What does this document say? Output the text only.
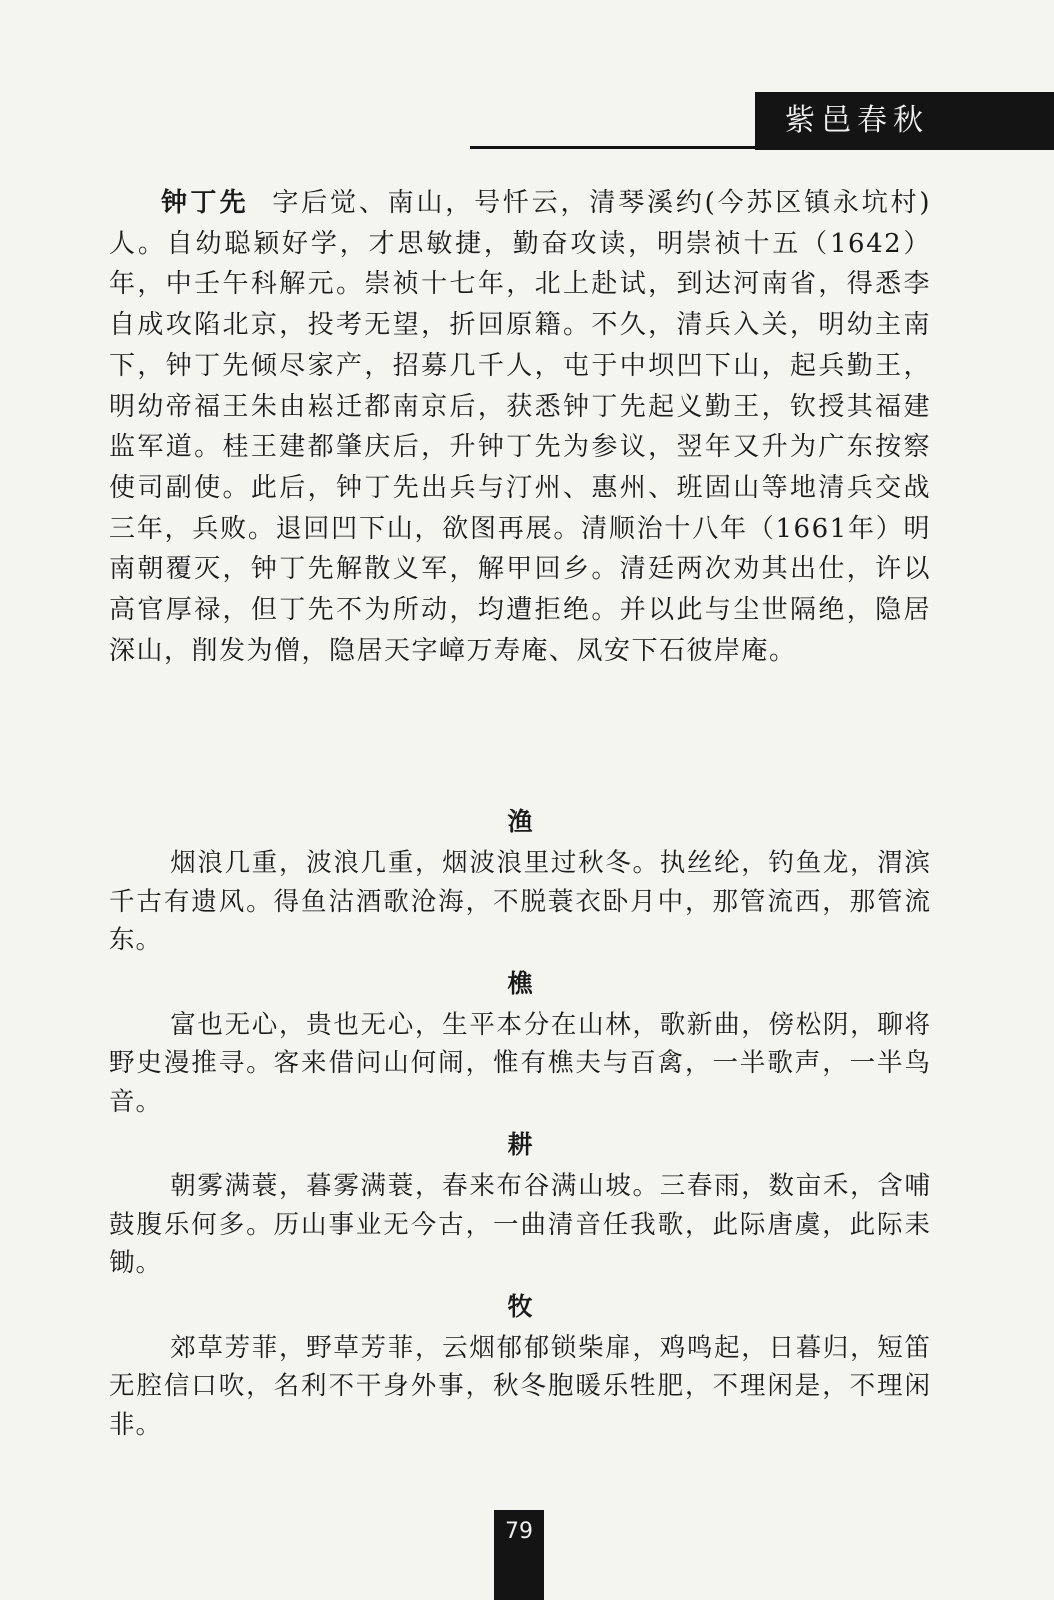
紫邑春秋

钟丁先 字后觉、南山，号忏云，清琴溪约(今苏区镇永坑村)人。自幼聪颖好学，才思敏捷，勤奋攻读，明崇祯十五（1642）年，中壬午科解元。崇祯十七年，北上赴试，到达河南省，得悉李自成攻陷北京，投考无望，折回原籍。不久，清兵入关，明幼主南下，钟丁先倾尽家产，招募几千人，屯于中坝凹下山，起兵勤王，明幼帝福王朱由崧迁都南京后，获悉钟丁先起义勤王，钦授其福建监军道。桂王建都肇庆后，升钟丁先为参议，翌年又升为广东按察使司副使。此后，钟丁先出兵与汀州、惠州、班固山等地清兵交战三年，兵败。退回凹下山，欲图再展。清顺治十八年（1661年）明南朝覆灭，钟丁先解散义军，解甲回乡。清廷两次劝其出仕，许以高官厚禄，但丁先不为所动，均遭拒绝。并以此与尘世隔绝，隐居深山，削发为僧，隐居天字嶂万寿庵、凤安下石彼岸庵。

渔

烟浪几重，波浪几重，烟波浪里过秋冬。执丝纶，钓鱼龙，渭滨千古有遗风。得鱼沽酒歌沧海，不脱蓑衣卧月中，那管流西，那管流东。

樵

富也无心，贵也无心，生平本分在山林，歌新曲，傍松阴，聊将野史漫推寻。客来借问山何闹，惟有樵夫与百禽，一半歌声，一半鸟音。

耕

朝雾满蓑，暮雾满蓑，春来布谷满山坡。三春雨，数亩禾，含哺鼓腹乐何多。历山事业无今古，一曲清音任我歌，此际唐虞，此际耒锄。

牧

郊草芳菲，野草芳菲，云烟郁郁锁柴扉，鸡鸣起，日暮归，短笛无腔信口吹，名利不干身外事，秋冬胞暖乐牲肥，不理闲是，不理闲非。

79
